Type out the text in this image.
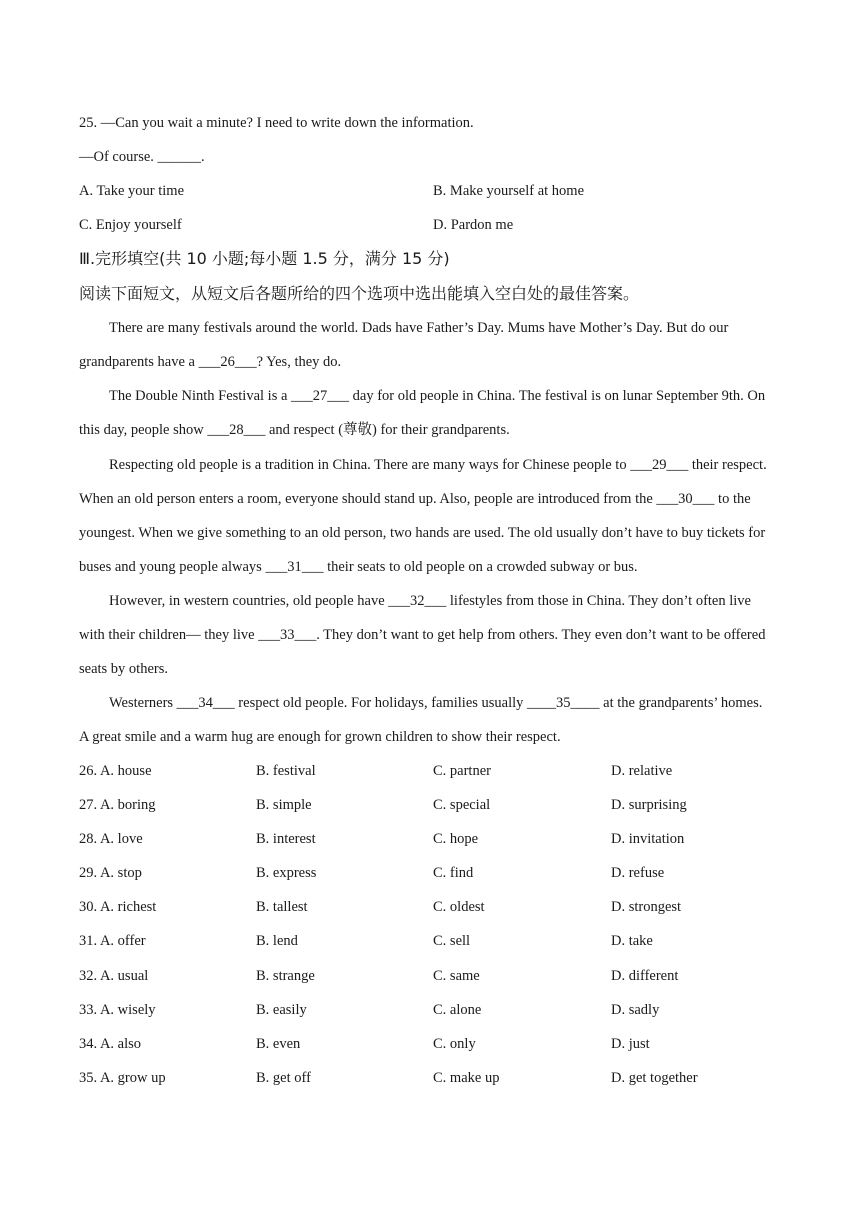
25. —Can you wait a minute? I need to write down the information.
—Of course. ______.
A. Take your time	B. Make yourself at home
C. Enjoy yourself	D. Pardon me
Ⅲ.完形填空(共 10 小题;每小题 1.5 分，满分 15 分)
阅读下面短文，从短文后各题所给的四个选项中选出能填入空白处的最佳答案。
There are many festivals around the world. Dads have Father’s Day. Mums have Mother’s Day. But do our
grandparents have a ___26___? Yes, they do.
The Double Ninth Festival is a ___27___ day for old people in China. The festival is on lunar September 9th. On
this day, people show ___28___ and respect (尊敬) for their grandparents.
Respecting old people is a tradition in China. There are many ways for Chinese people to ___29___ their respect.
When an old person enters a room, everyone should stand up. Also, people are introduced from the ___30___ to the
youngest. When we give something to an old person, two hands are used. The old usually don’t have to buy tickets for
buses and young people always ___31___ their seats to old people on a crowded subway or bus.
However, in western countries, old people have ___32___ lifestyles from those in China. They don’t often live
with their children— they live ___33___. They don’t want to get help from others. They even don’t want to be offered
seats by others.
Westerners ___34___ respect old people. For holidays, families usually ____35____ at the grandparents’ homes.
A great smile and a warm hug are enough for grown children to show their respect.
26. A. house	B. festival	C. partner	D. relative
27. A. boring	B. simple	C. special	D. surprising
28. A. love	B. interest	C. hope	D. invitation
29. A. stop	B. express	C. find	D. refuse
30. A. richest	B. tallest	C. oldest	D. strongest
31. A. offer	B. lend	C. sell	D. take
32. A. usual	B. strange	C. same	D. different
33. A. wisely	B. easily	C. alone	D. sadly
34. A. also	B. even	C. only	D. just
35. A. grow up	B. get off	C. make up	D. get together
